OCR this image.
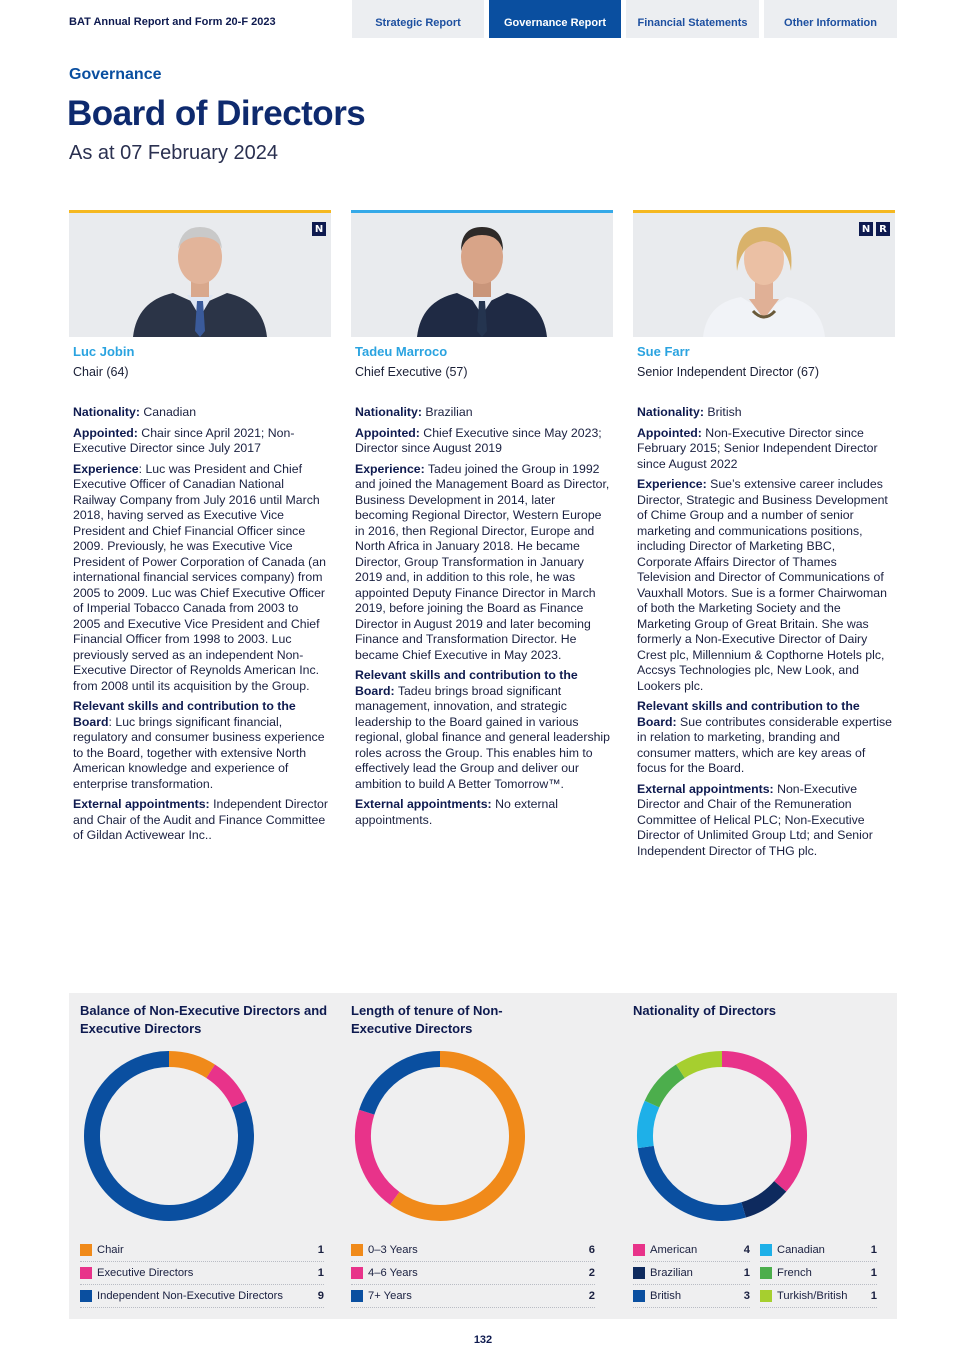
BAT Annual Report and Form 20-F 2023	Strategic Report	Governance Report	Financial Statements	Other Information
Governance
Board of Directors
As at 07 February 2024
N
Luc Jobin
Chair (64)

Nationality: Canadian

Appointed: Chair since April 2021; Non-Executive Director since July 2017

Experience: Luc was President and Chief Executive Officer of Canadian National Railway Company from July 2016 until March 2018, having served as Executive Vice President and Chief Financial Officer since 2009. Previously, he was Executive Vice President of Power Corporation of Canada (an international financial services company) from 2005 to 2009. Luc was Chief Executive Officer of Imperial Tobacco Canada from 2003 to 2005 and Executive Vice President and Chief Financial Officer from 1998 to 2003. Luc previously served as an independent Non-Executive Director of Reynolds American Inc. from 2008 until its acquisition by the Group.

Relevant skills and contribution to the Board: Luc brings significant financial, regulatory and consumer business experience to the Board, together with extensive North American knowledge and experience of enterprise transformation.

External appointments: Independent Director and Chair of the Audit and Finance Committee of Gildan Activewear Inc..

Tadeu Marroco
Chief Executive (57)

Nationality: Brazilian

Appointed: Chief Executive since May 2023; Director since August 2019

Experience: Tadeu joined the Group in 1992 and joined the Management Board as Director, Business Development in 2014, later becoming Regional Director, Western Europe in 2016, then Regional Director, Europe and North Africa in January 2018. He became Director, Group Transformation in January 2019 and, in addition to this role, he was appointed Deputy Finance Director in March 2019, before joining the Board as Finance Director in August 2019 and later becoming Finance and Transformation Director. He became Chief Executive in May 2023.

Relevant skills and contribution to the Board: Tadeu brings broad significant management, innovation, and strategic leadership to the Board gained in various regional, global finance and general leadership roles across the Group. This enables him to effectively lead the Group and deliver our ambition to build A Better Tomorrow™.

External appointments: No external appointments.

N R
Sue Farr
Senior Independent Director (67)

Nationality: British

Appointed: Non-Executive Director since February 2015; Senior Independent Director since August 2022

Experience: Sue’s extensive career includes Director, Strategic and Business Development of Chime Group and a number of senior marketing and communications positions, including Director of Marketing BBC, Corporate Affairs Director of Thames Television and Director of Communications of Vauxhall Motors. Sue is a former Chairwoman of both the Marketing Society and the Marketing Group of Great Britain. She was formerly a Non-Executive Director of Dairy Crest plc, Millennium & Copthorne Hotels plc, Accsys Technologies plc, New Look, and Lookers plc.

Relevant skills and contribution to the Board: Sue contributes considerable expertise in relation to marketing, branding and consumer matters, which are key areas of focus for the Board.

External appointments: Non-Executive Director and Chair of the Remuneration Committee of Helical PLC; Non-Executive Director of Unlimited Group Ltd; and Senior Independent Director of THG plc.

Balance of Non-Executive Directors and Executive Directors
Chair	1
Executive Directors	1
Independent Non-Executive Directors	9
Length of tenure of Non-Executive Directors
0–3 Years	6
4–6 Years	2
7+ Years	2
Nationality of Directors
American	4
Brazilian	1
British	3
Canadian	1
French	1
Turkish/British	1
132
